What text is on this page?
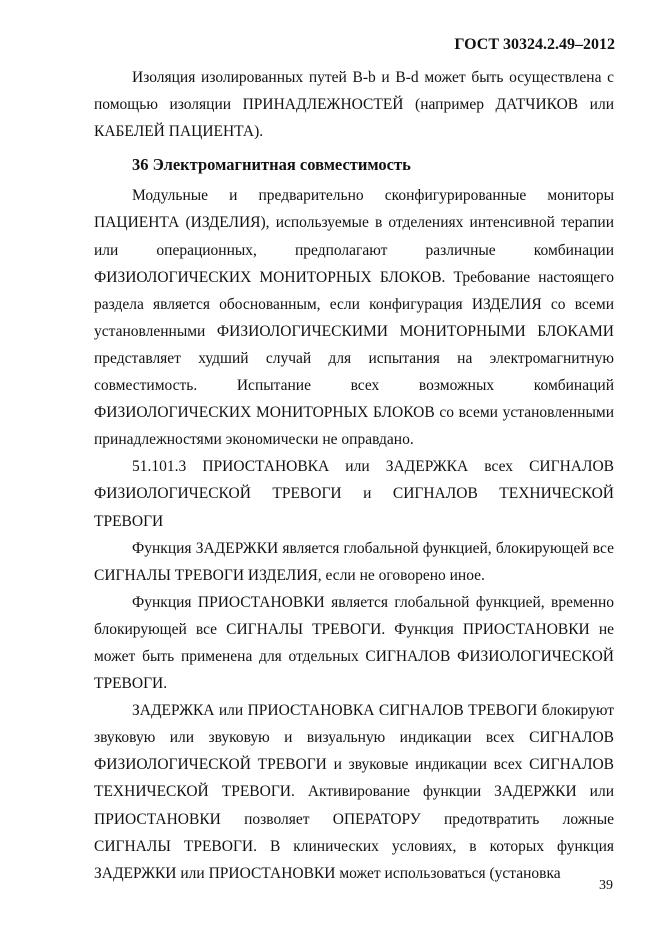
ГОСТ 30324.2.49–2012

Изоляция изолированных путей B-b и B-d может быть осуществлена с помощью изоляции ПРИНАДЛЕЖНОСТЕЙ (например ДАТЧИКОВ или КАБЕЛЕЙ ПАЦИЕНТА).

36 Электромагнитная совместимость

Модульные и предварительно сконфигурированные мониторы ПАЦИЕНТА (ИЗДЕЛИЯ), используемые в отделениях интенсивной терапии или операционных, предполагают различные комбинации ФИЗИОЛОГИЧЕСКИХ МОНИТОРНЫХ БЛОКОВ. Требование настоящего раздела является обоснованным, если конфигурация ИЗДЕЛИЯ со всеми установленными ФИЗИОЛОГИЧЕСКИМИ МОНИТОРНЫМИ БЛОКАМИ представляет худший случай для испытания на электромагнитную совместимость. Испытание всех возможных комбинаций ФИЗИОЛОГИЧЕСКИХ МОНИТОРНЫХ БЛОКОВ со всеми установленными принадлежностями экономически не оправдано.

51.101.3 ПРИОСТАНОВКА или ЗАДЕРЖКА всех СИГНАЛОВ ФИЗИОЛОГИЧЕСКОЙ ТРЕВОГИ и СИГНАЛОВ ТЕХНИЧЕСКОЙ ТРЕВОГИ

Функция ЗАДЕРЖКИ является глобальной функцией, блокирующей все СИГНАЛЫ ТРЕВОГИ ИЗДЕЛИЯ, если не оговорено иное.

Функция ПРИОСТАНОВКИ является глобальной функцией, временно блокирующей все СИГНАЛЫ ТРЕВОГИ. Функция ПРИОСТАНОВКИ не может быть применена для отдельных СИГНАЛОВ ФИЗИОЛОГИЧЕСКОЙ ТРЕВОГИ.

ЗАДЕРЖКА или ПРИОСТАНОВКА СИГНАЛОВ ТРЕВОГИ блокируют звуковую или звуковую и визуальную индикации всех СИГНАЛОВ ФИЗИОЛОГИЧЕСКОЙ ТРЕВОГИ и звуковые индикации всех СИГНАЛОВ ТЕХНИЧЕСКОЙ ТРЕВОГИ. Активирование функции ЗАДЕРЖКИ или ПРИОСТАНОВКИ позволяет ОПЕРАТОРУ предотвратить ложные СИГНАЛЫ ТРЕВОГИ. В клинических условиях, в которых функция ЗАДЕРЖКИ или ПРИОСТАНОВКИ может использоваться (установка

39
